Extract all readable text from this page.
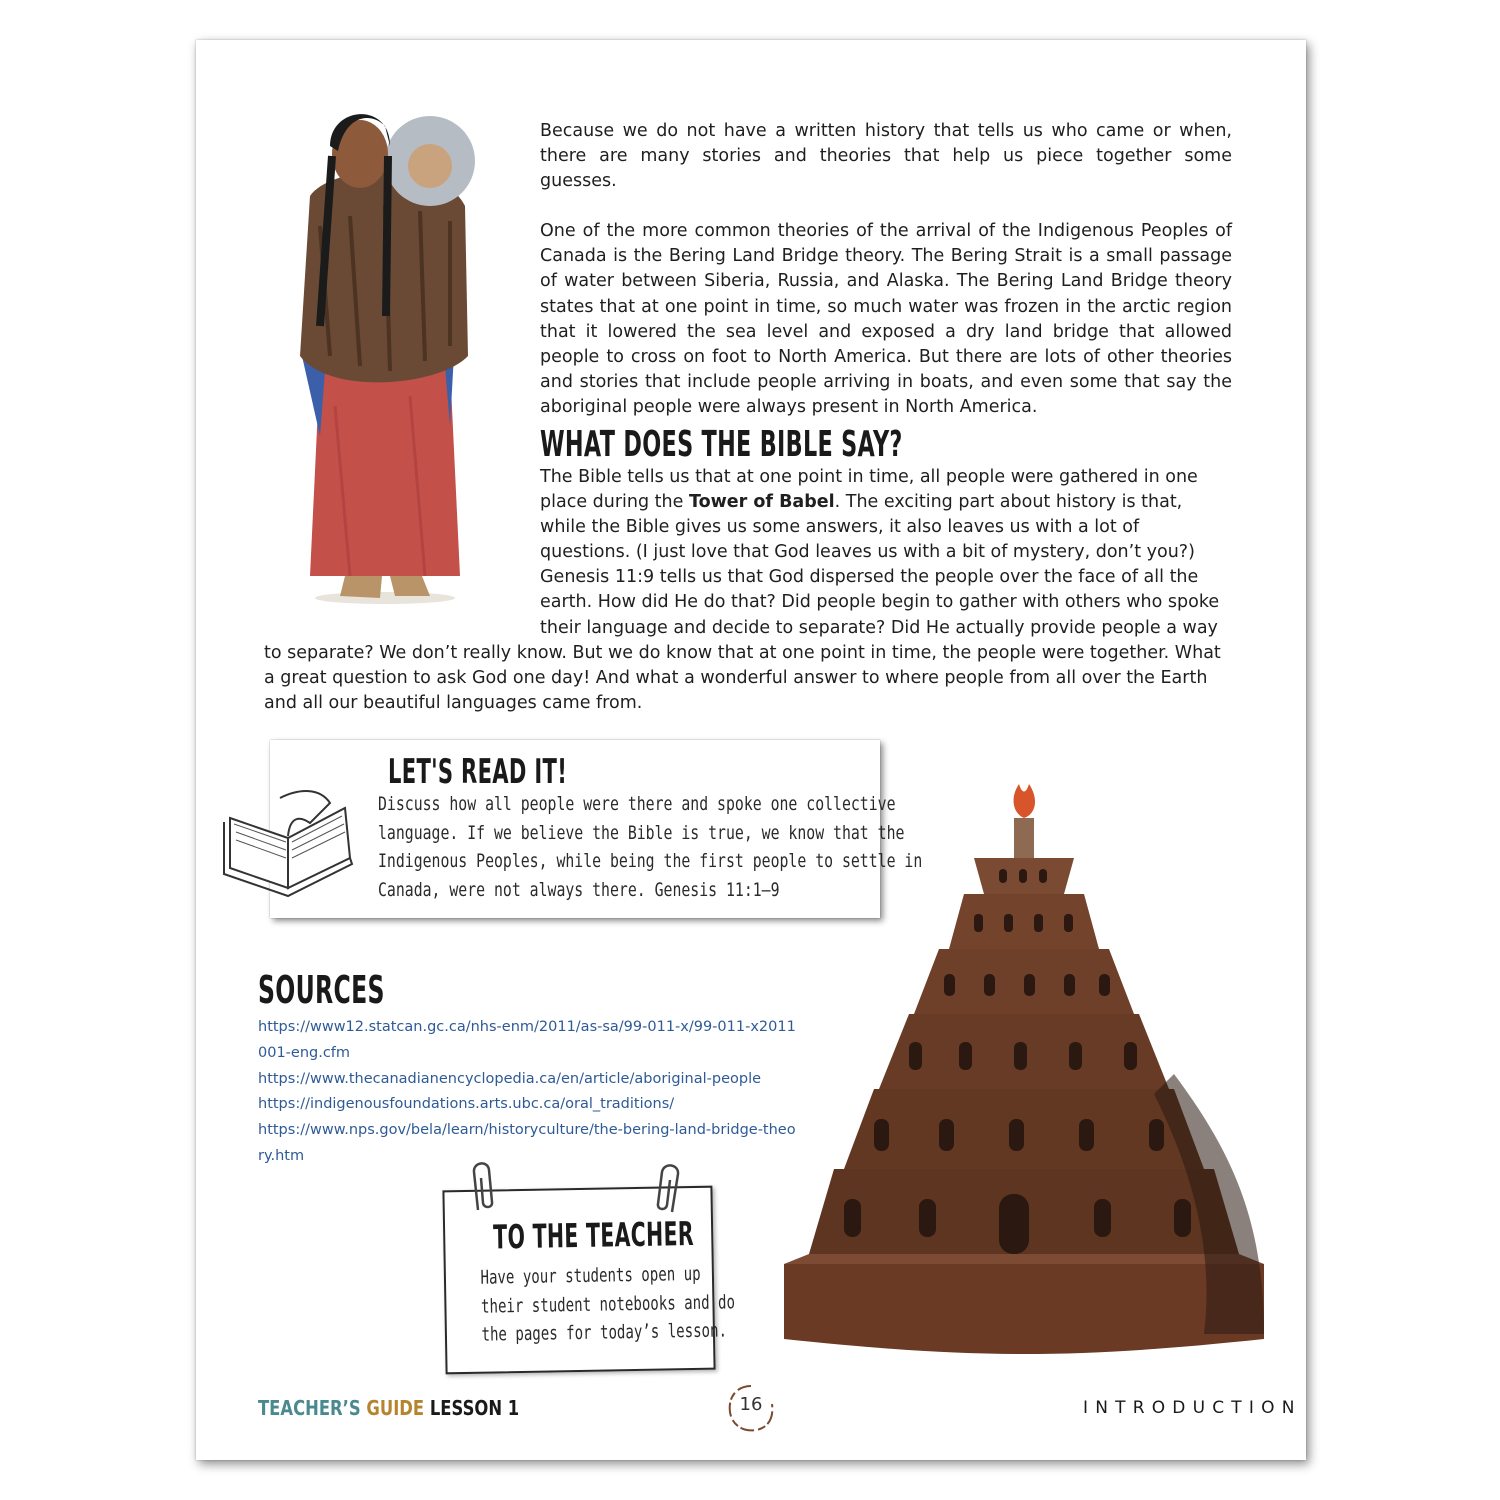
Because we do not have a written history that tells us who came or when, there are many stories and theories that help us piece together some guesses.

One of the more common theories of the arrival of the Indigenous Peoples of Canada is the Bering Land Bridge theory. The Bering Strait is a small passage of water between Siberia, Russia, and Alaska. The Bering Land Bridge theory states that at one point in time, so much water was frozen in the arctic region that it lowered the sea level and exposed a dry land bridge that allowed people to cross on foot to North America. But there are lots of other theories and stories that include people arriving in boats, and even some that say the aboriginal people were always present in North America.

WHAT DOES THE BIBLE SAY?

The Bible tells us that at one point in time, all people were gathered in one place during the Tower of Babel. The exciting part about history is that, while the Bible gives us some answers, it also leaves us with a lot of questions. (I just love that God leaves us with a bit of mystery, don’t you?) Genesis 11:9 tells us that God dispersed the people over the face of all the earth. How did He do that? Did people begin to gather with others who spoke their language and decide to separate? Did He actually provide people a way to separate? We don’t really know. But we do know that at one point in time, the people were together. What a great question to ask God one day! And what a wonderful answer to where people from all over the Earth and all our beautiful languages came from.

LET'S READ IT!
Discuss how all people were there and spoke one collective
language. If we believe the Bible is true, we know that the
Indigenous Peoples, while being the first people to settle in
Canada, were not always there. Genesis 11:1–9
SOURCES
https://www12.statcan.gc.ca/nhs-enm/2011/as-sa/99-011-x/99-011-x2011001-eng.cfm
https://www.thecanadianencyclopedia.ca/en/article/aboriginal-people
https://indigenousfoundations.arts.ubc.ca/oral_traditions/
https://www.nps.gov/bela/learn/historyculture/the-bering-land-bridge-theory.htm
TO THE TEACHER
Have your students open up
their student notebooks and do
the pages for today’s lesson.
TEACHER’S GUIDE LESSON 1	16	INTRODUCTION
